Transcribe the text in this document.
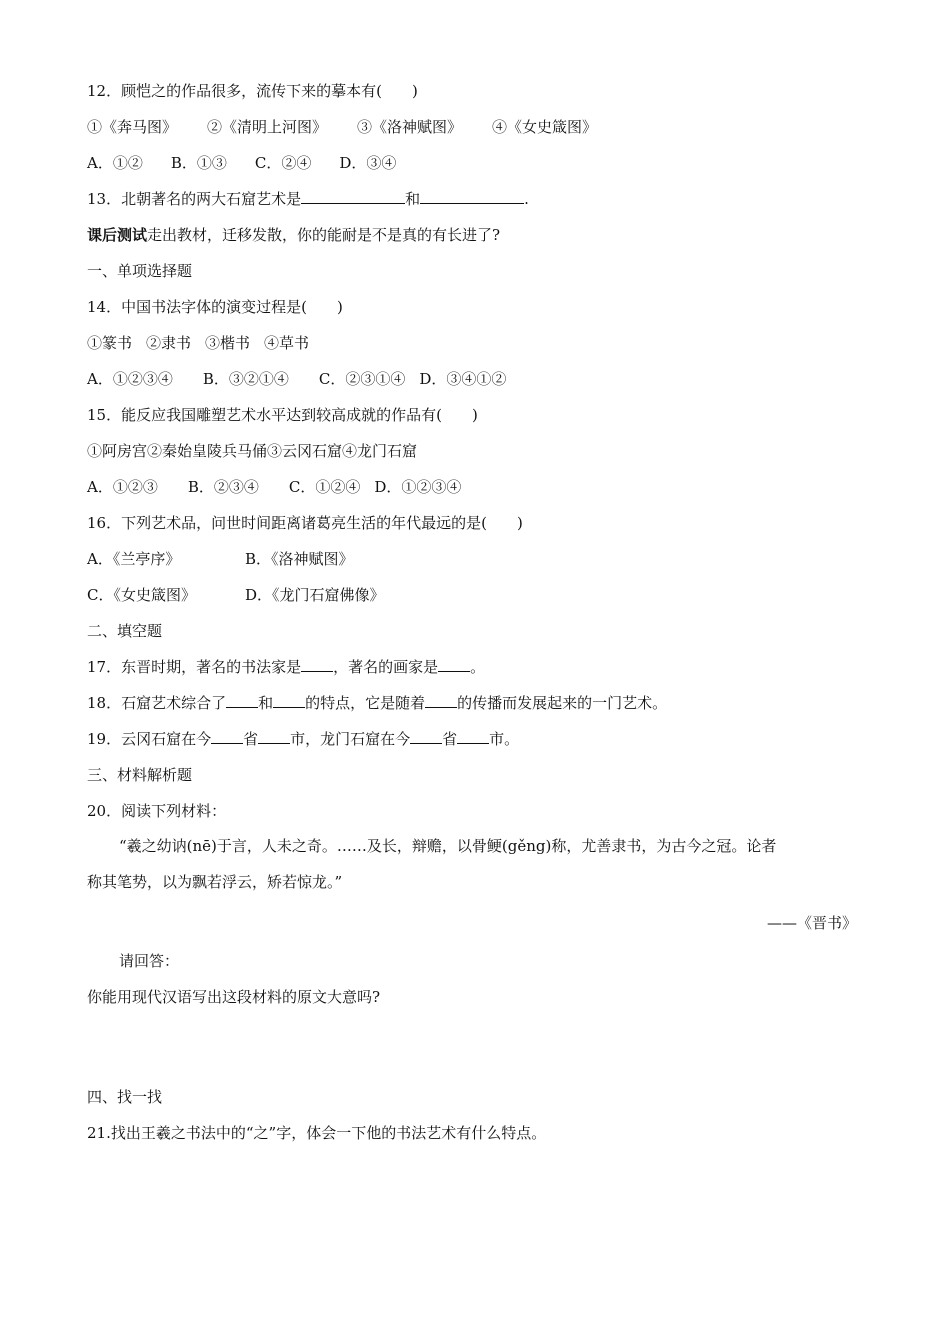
12．顾恺之的作品很多，流传下来的摹本有(　　)
①《奔马图》 ②《清明上河图》 ③《洛神赋图》 ④《女史箴图》
A．①② B．①③ C．②④ D．③④
13．北朝著名的两大石窟艺术是	和	.
课后测试走出教材，迁移发散，你的能耐是不是真的有长进了?
一、单项选择题
14．中国书法字体的演变过程是(　　)
①篆书 ②隶书 ③楷书 ④草书
A．①②③④ B．③②①④ C．②③①④ D．③④①②
15．能反应我国雕塑艺术水平达到较高成就的作品有(　　)
①阿房宫②秦始皇陵兵马俑③云冈石窟④龙门石窟
A．①②③ B．②③④ C．①②④ D．①②③④
16．下列艺术品，问世时间距离诸葛亮生活的年代最远的是(　　)
A．《兰亭序》	B．《洛神赋图》
C．《女史箴图》	D．《龙门石窟佛像》
二、填空题
17．东晋时期，著名的书法家是 ，著名的画家是 。
18．石窟艺术综合了 和 的特点，它是随着 的传播而发展起来的一门艺术。
19．云冈石窟在今 省 市，龙门石窟在今 省 市。
三、材料解析题
20．阅读下列材料：
“羲之幼讷(nē)于言，人未之奇。……及长，辩赡，以骨鲠(gěng)称，尤善隶书，为古今之冠。论者
称其笔势，以为飘若浮云，矫若惊龙。”
——《晋书》
请回答：
你能用现代汉语写出这段材料的原文大意吗?
四、找一找
21.找出王羲之书法中的“之”字，体会一下他的书法艺术有什么特点。
